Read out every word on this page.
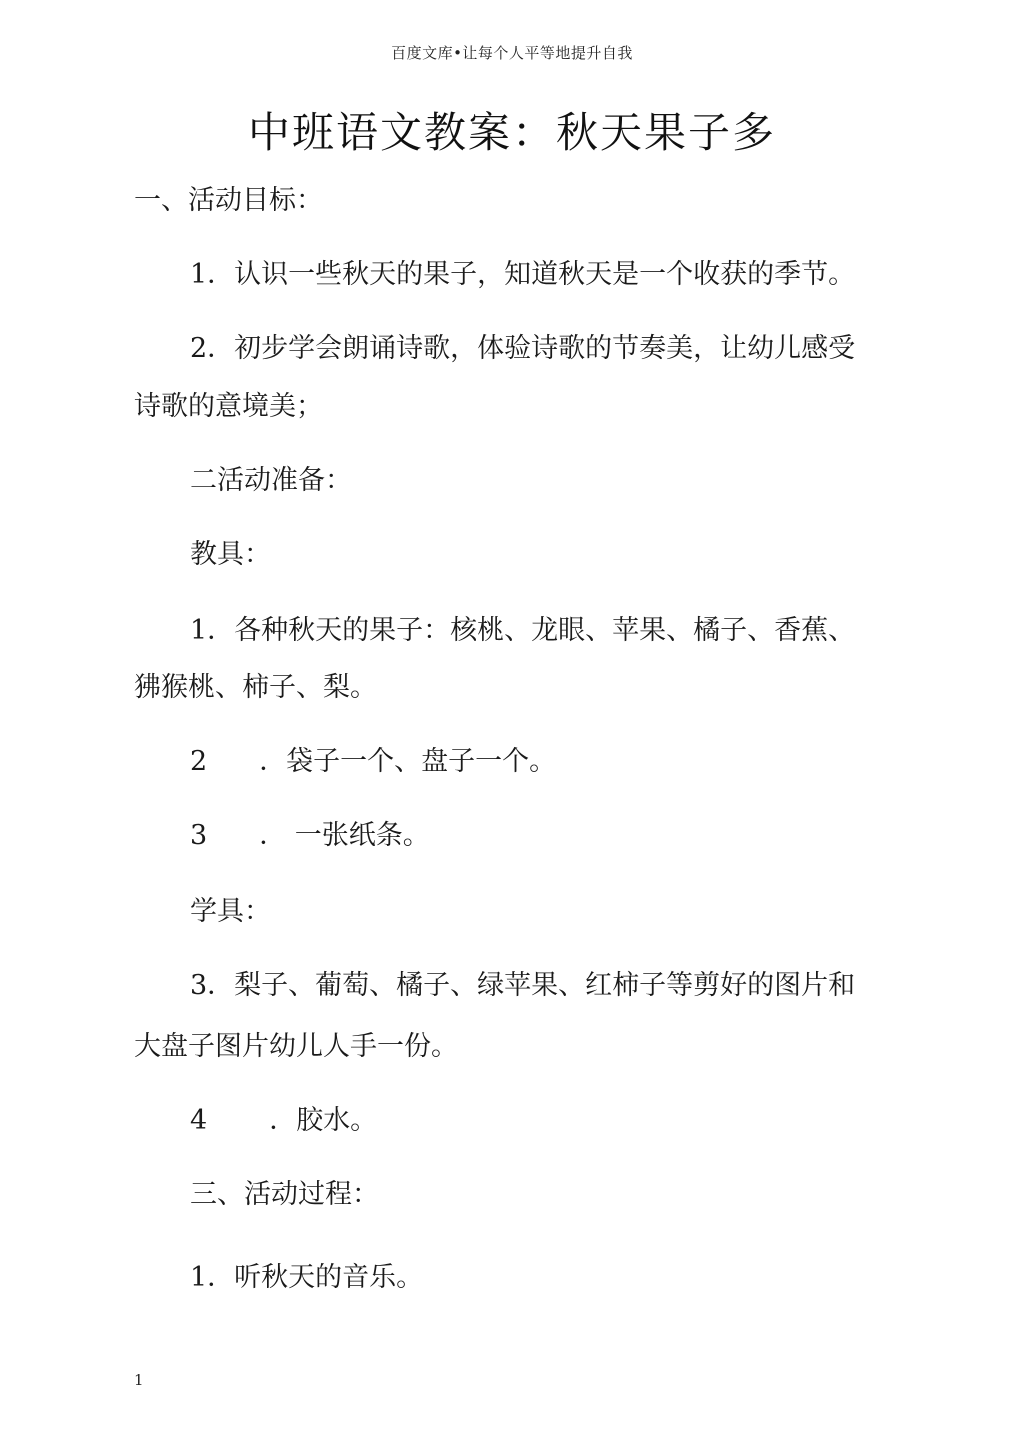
百度文库•让每个人平等地提升自我
中班语文教案：秋天果子多
一、活动目标：
1．认识一些秋天的果子，知道秋天是一个收获的季节。
2．初步学会朗诵诗歌，体验诗歌的节奏美，让幼儿感受
诗歌的意境美；
二活动准备：
教具：
1．各种秋天的果子：核桃、龙眼、苹果、橘子、香蕉、
狒猴桃、柿子、梨。
2 ．袋子一个、盘子一个。
3 ． 一张纸条。
学具：
3．梨子、葡萄、橘子、绿苹果、红柿子等剪好的图片和
大盘子图片幼儿人手一份。
4 ．胶水。
三、活动过程：
1．听秋天的音乐。
1
